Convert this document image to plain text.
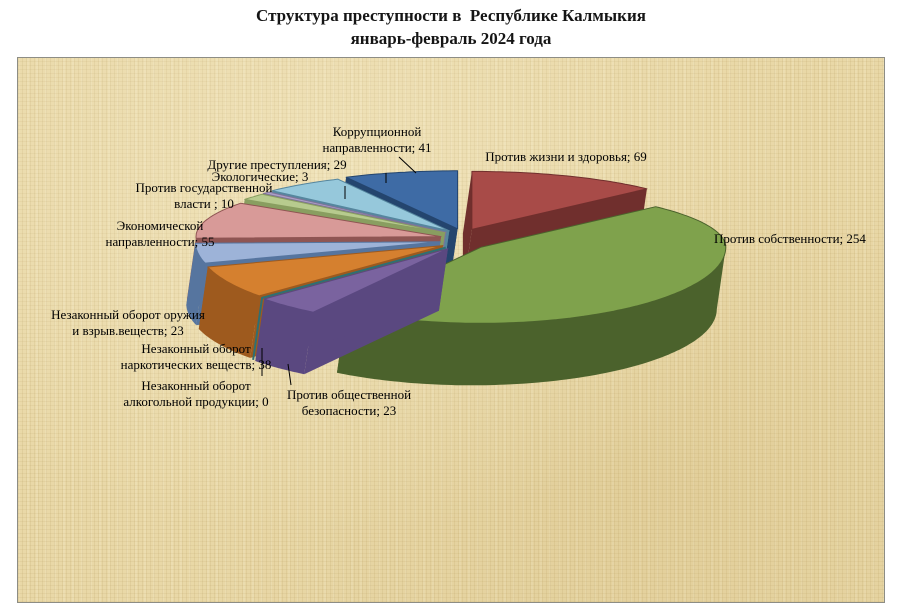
Структура преступности в  Республике Калмыкия
январь-февраль 2024 года
Против жизни и здоровья; 69
Против собственности; 254
Коррупционной
направленности; 41
Другие преступления; 29
Экологические; 3
Против государственной
власти ; 10
Экономической
направленности; 55
Незаконный оборот оружия
и взрыв.веществ; 23
Незаконный оборот
наркотических веществ; 38
Незаконный оборот
алкогольной продукции; 0 Против общественной
безопасности; 23
